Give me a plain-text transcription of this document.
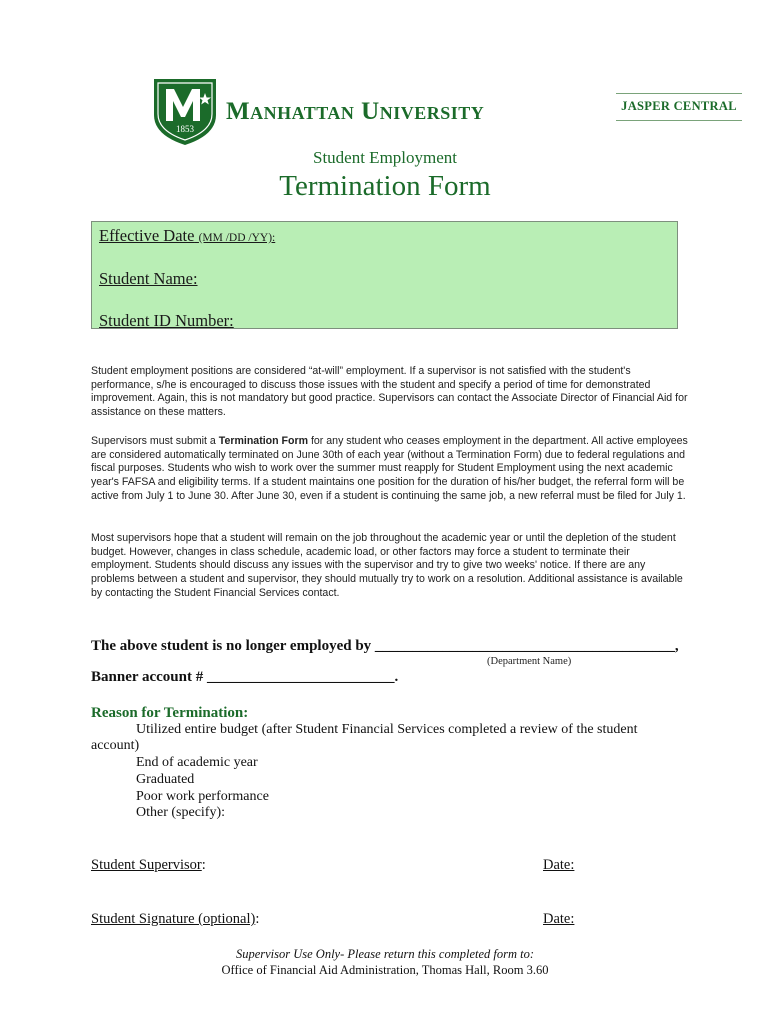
1853
Manhattan University	JASPER CENTRAL
Student Employment
Termination Form
Effective Date (MM /DD /YY):
Student Name:
Student ID Number:
Student employment positions are considered “at-will” employment. If a supervisor is not satisfied with the student's performance, s/he is encouraged to discuss those issues with the student and specify a period of time for demonstrated improvement. Again, this is not mandatory but good practice. Supervisors can contact the Associate Director of Financial Aid for assistance on these matters.
Supervisors must submit a Termination Form for any student who ceases employment in the department. All active employees are considered automatically terminated on June 30th of each year (without a Termination Form) due to federal regulations and fiscal purposes. Students who wish to work over the summer must reapply for Student Employment using the next academic year's FAFSA and eligibility terms. If a student maintains one position for the duration of his/her budget, the referral form will be active from July 1 to June 30. After June 30, even if a student is continuing the same job, a new referral must be filed for July 1.
Most supervisors hope that a student will remain on the job throughout the academic year or until the depletion of the student budget. However, changes in class schedule, academic load, or other factors may force a student to terminate their employment. Students should discuss any issues with the supervisor and try to give two weeks' notice. If there are any problems between a student and supervisor, they should mutually try to work on a resolution. Additional assistance is available by contacting the Student Financial Services contact.
The above student is no longer employed by ________________________________________,
(Department Name)
Banner account # _________________________.
Reason for Termination:
Utilized entire budget (after Student Financial Services completed a review of the student account)
End of academic year
Graduated
Poor work performance
Other (specify):
Student Supervisor:	Date:
Student Signature (optional):	Date:
Supervisor Use Only- Please return this completed form to:
Office of Financial Aid Administration, Thomas Hall, Room 3.60
